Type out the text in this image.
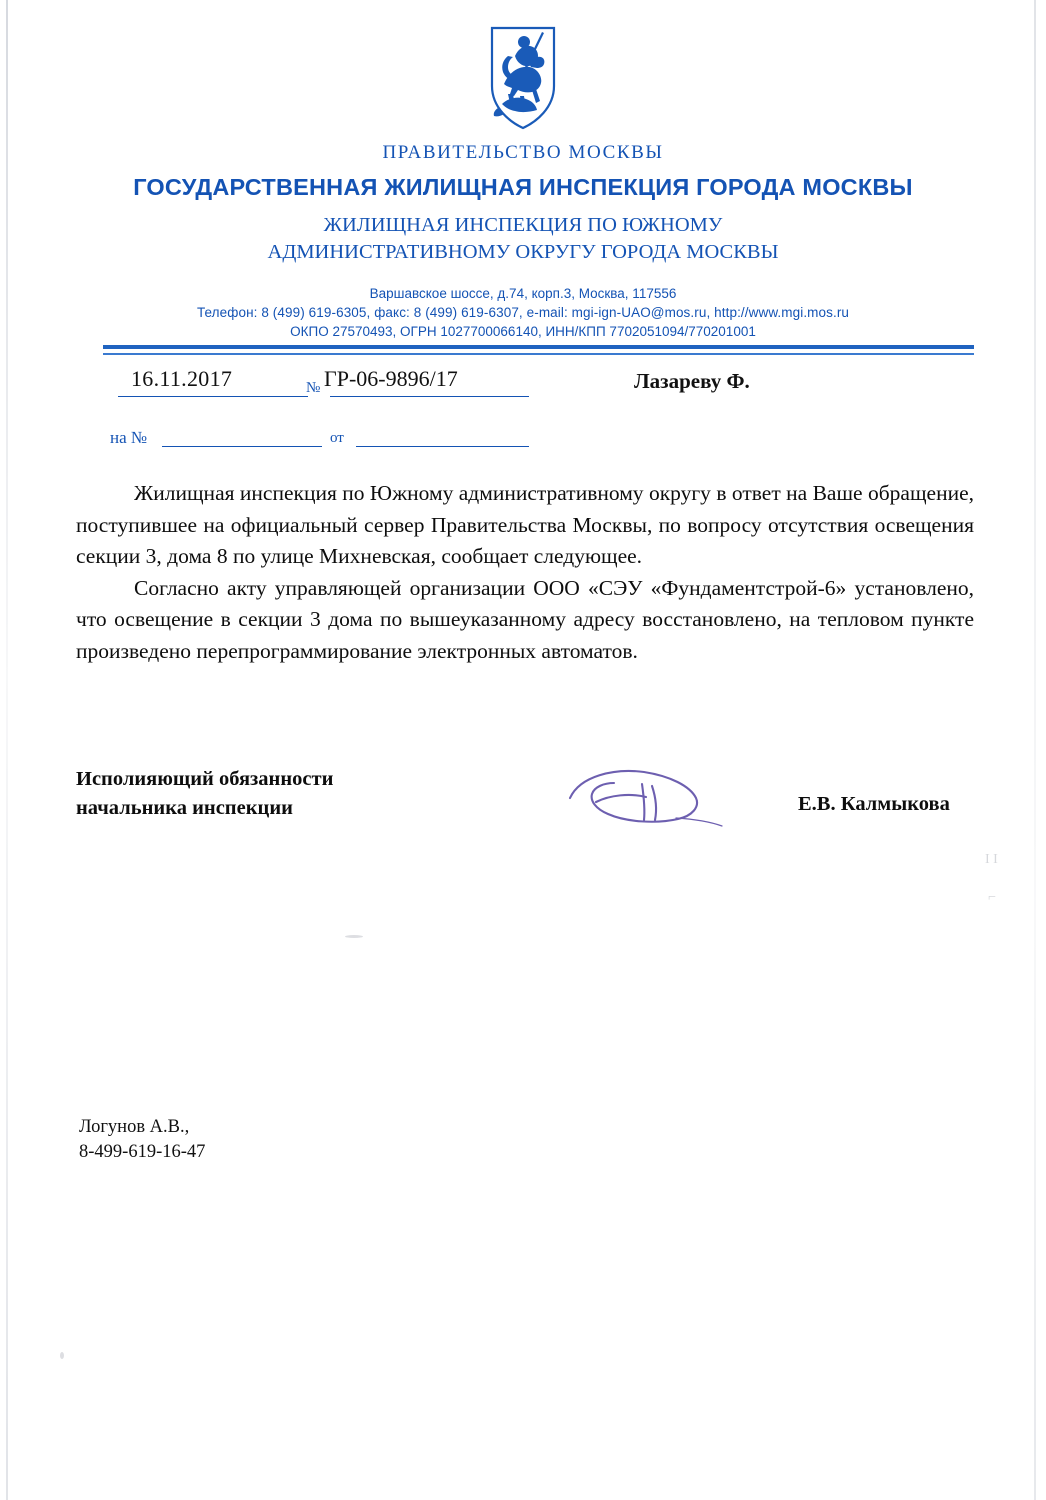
I I
⌐
ПРАВИТЕЛЬСТВО МОСКВЫ
ГОСУДАРСТВЕННАЯ ЖИЛИЩНАЯ ИНСПЕКЦИЯ ГОРОДА МОСКВЫ
ЖИЛИЩНАЯ ИНСПЕКЦИЯ ПО ЮЖНОМУ
АДМИНИСТРАТИВНОМУ ОКРУГУ ГОРОДА МОСКВЫ
Варшавское шоссе, д.74, корп.3, Москва, 117556
Телефон: 8 (499) 619-6305, факс: 8 (499) 619-6307, e-mail: mgi-ign-UAO@mos.ru, http://www.mgi.mos.ru
ОКПО 27570493, ОГРН 1027700066140, ИНН/КПП 7702051094/770201001
16.11.2017	№ ГР-06-9896/17	Лазареву Ф.
на №	от

Жилищная инспекция по Южному административному округу в ответ на Ваше обращение, поступившее на официальный сервер Правительства Москвы, по вопросу отсутствия освещения секции 3, дома 8 по улице Михневская, сообщает следующее.

Согласно акту управляющей организации ООО «СЭУ «Фундаментстрой-6» установлено, что освещение в секции 3 дома по вышеуказанному адресу восстановлено, на тепловом пункте произведено перепрограммирование электронных автоматов.

Исполияющий обязанности
начальника инспекции	Е.В. Калмыкова
Логунов А.В.,
8-499-619-16-47
